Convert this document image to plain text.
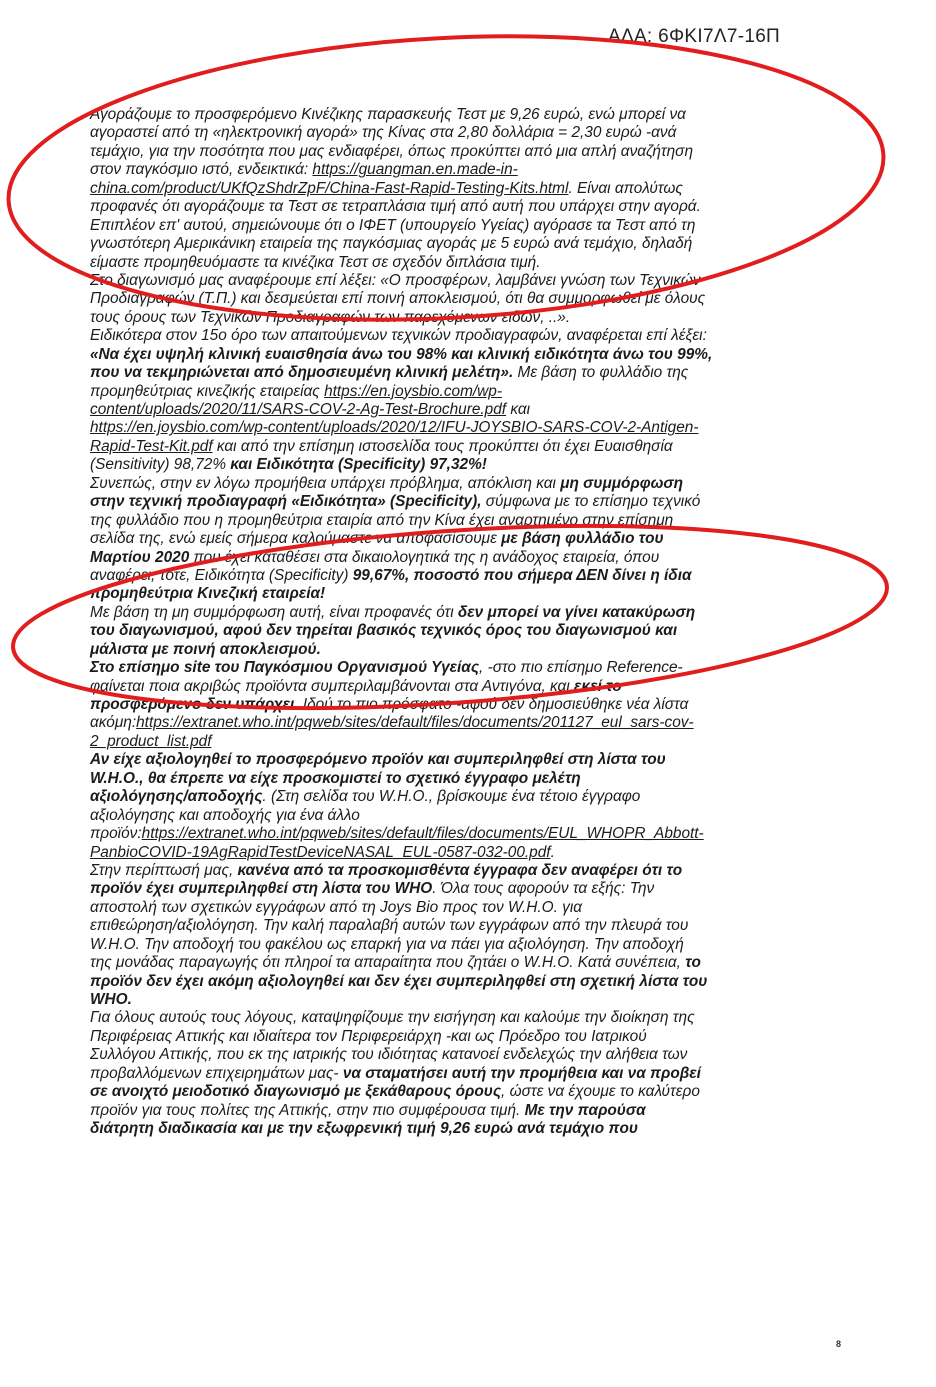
ΑΔΑ: 6ΦΚΙ7Λ7-16Π
Αγοράζουμε το προσφερόμενο Κινέζικης παρασκευής Τεστ με 9,26 ευρώ, ενώ μπορεί να
αγοραστεί από τη «ηλεκτρονική αγορά» της Κίνας στα 2,80 δολλάρια = 2,30 ευρώ -ανά
τεμάχιο, για την ποσότητα που μας ενδιαφέρει, όπως προκύπτει από μια απλή αναζήτηση
στον παγκόσμιο ιστό, ενδεικτικά: https://guangman.en.made-in-
china.com/product/UKfQzShdrZpF/China-Fast-Rapid-Testing-Kits.html. Είναι απολύτως
προφανές ότι αγοράζουμε τα Τεστ σε τετραπλάσια τιμή από αυτή που υπάρχει στην αγορά.
Επιπλέον επ' αυτού, σημειώνουμε ότι ο ΙΦΕΤ (υπουργείο Υγείας) αγόρασε τα Τεστ από τη
γνωστότερη Αμερικάνικη εταιρεία της παγκόσμιας αγοράς με 5 ευρώ ανά τεμάχιο, δηλαδή
είμαστε προμηθευόμαστε τα κινέζικα Τεστ σε σχεδόν διπλάσια τιμή.
Στο διαγωνισμό μας αναφέρουμε επί λέξει: «Ο προσφέρων, λαμβάνει γνώση των Τεχνικών
Προδιαγραφών (Τ.Π.) και δεσμεύεται επί ποινή αποκλεισμού, ότι θα συμμορφωθεί με όλους
τους όρους των Τεχνικών Προδιαγραφών των παρεχόμενων ειδών, ..».
Ειδικότερα στον 15ο όρο των απαιτούμενων τεχνικών προδιαγραφών, αναφέρεται επί λέξει:
«Να έχει υψηλή κλινική ευαισθησία άνω του 98% και κλινική ειδικότητα άνω του 99%,
που να τεκμηριώνεται από δημοσιευμένη κλινική μελέτη». Με βάση το φυλλάδιο της
προμηθεύτριας κινεζικής εταιρείας https://en.joysbio.com/wp-
content/uploads/2020/11/SARS-COV-2-Ag-Test-Brochure.pdf και
https://en.joysbio.com/wp-content/uploads/2020/12/IFU-JOYSBIO-SARS-COV-2-Antigen-
Rapid-Test-Kit.pdf και από την επίσημη ιστοσελίδα τους προκύπτει ότι έχει Ευαισθησία
(Sensitivity) 98,72% και Ειδικότητα (Specificity) 97,32%!
Συνεπώς, στην εν λόγω προμήθεια υπάρχει πρόβλημα, απόκλιση και μη συμμόρφωση
στην τεχνική προδιαγραφή «Ειδικότητα» (Specificity), σύμφωνα με το επίσημο τεχνικό
της φυλλάδιο που η προμηθεύτρια εταιρία από την Κίνα έχει αναρτημένο στην επίσημη
σελίδα της, ενώ εμείς σήμερα καλούμαστε να αποφασίσουμε με βάση φυλλάδιο του
Μαρτίου 2020 που έχει καταθέσει στα δικαιολογητικά της η ανάδοχος εταιρεία, όπου
αναφέρει, τότε, Ειδικότητα (Specificity) 99,67%, ποσοστό που σήμερα ΔΕΝ δίνει η ίδια
προμηθεύτρια Κινεζική εταιρεία!
Με βάση τη μη συμμόρφωση αυτή, είναι προφανές ότι δεν μπορεί να γίνει κατακύρωση
του διαγωνισμού, αφού δεν τηρείται βασικός τεχνικός όρος του διαγωνισμού και
μάλιστα με ποινή αποκλεισμού.
Στο επίσημο site του Παγκόσμιου Οργανισμού Υγείας, -στο πιο επίσημο Reference-
φαίνεται ποια ακριβώς προϊόντα συμπεριλαμβάνονται στα Αντιγόνα, και εκεί το
προσφερόμενο δεν υπάρχει. Ιδού το πιο πρόσφατο -αφού δεν δημοσιεύθηκε νέα λίστα
ακόμη:https://extranet.who.int/pqweb/sites/default/files/documents/201127_eul_sars-cov-
2_product_list.pdf
Αν είχε αξιολογηθεί το προσφερόμενο προϊόν και συμπεριληφθεί στη λίστα του
W.H.O., θα έπρεπε να είχε προσκομιστεί το σχετικό έγγραφο μελέτη
αξιολόγησης/αποδοχής. (Στη σελίδα του W.H.O., βρίσκουμε ένα τέτοιο έγγραφο
αξιολόγησης και αποδοχής για ένα άλλο
προϊόν:https://extranet.who.int/pqweb/sites/default/files/documents/EUL_WHOPR_Abbott-
PanbioCOVID-19AgRapidTestDeviceNASAL_EUL-0587-032-00.pdf.
Στην περίπτωσή μας, κανένα από τα προσκομισθέντα έγγραφα δεν αναφέρει ότι το
προϊόν έχει συμπεριληφθεί στη λίστα του WHO. Όλα τους αφορούν τα εξής: Την
αποστολή των σχετικών εγγράφων από τη Joys Bio προς τον W.H.O. για
επιθεώρηση/αξιολόγηση. Την καλή παραλαβή αυτών των εγγράφων από την πλευρά του
W.H.O. Την αποδοχή του φακέλου ως επαρκή για να πάει για αξιολόγηση. Την αποδοχή
της μονάδας παραγωγής ότι πληροί τα απαραίτητα που ζητάει ο W.H.O. Κατά συνέπεια, το
προϊόν δεν έχει ακόμη αξιολογηθεί και δεν έχει συμπεριληφθεί στη σχετική λίστα του
WHO.
Για όλους αυτούς τους λόγους, καταψηφίζουμε την εισήγηση και καλούμε την διοίκηση της
Περιφέρειας Αττικής και ιδιαίτερα τον Περιφερειάρχη -και ως Πρόεδρο του Ιατρικού
Συλλόγου Αττικής, που εκ της ιατρικής του ιδιότητας κατανοεί ενδελεχώς την αλήθεια των
προβαλλόμενων επιχειρημάτων μας- να σταματήσει αυτή την προμήθεια και να προβεί
σε ανοιχτό μειοδοτικό διαγωνισμό με ξεκάθαρους όρους, ώστε να έχουμε το καλύτερο
προϊόν για τους πολίτες της Αττικής, στην πιο συμφέρουσα τιμή. Με την παρούσα
διάτρητη διαδικασία και με την εξωφρενική τιμή 9,26 ευρώ ανά τεμάχιο που
8
